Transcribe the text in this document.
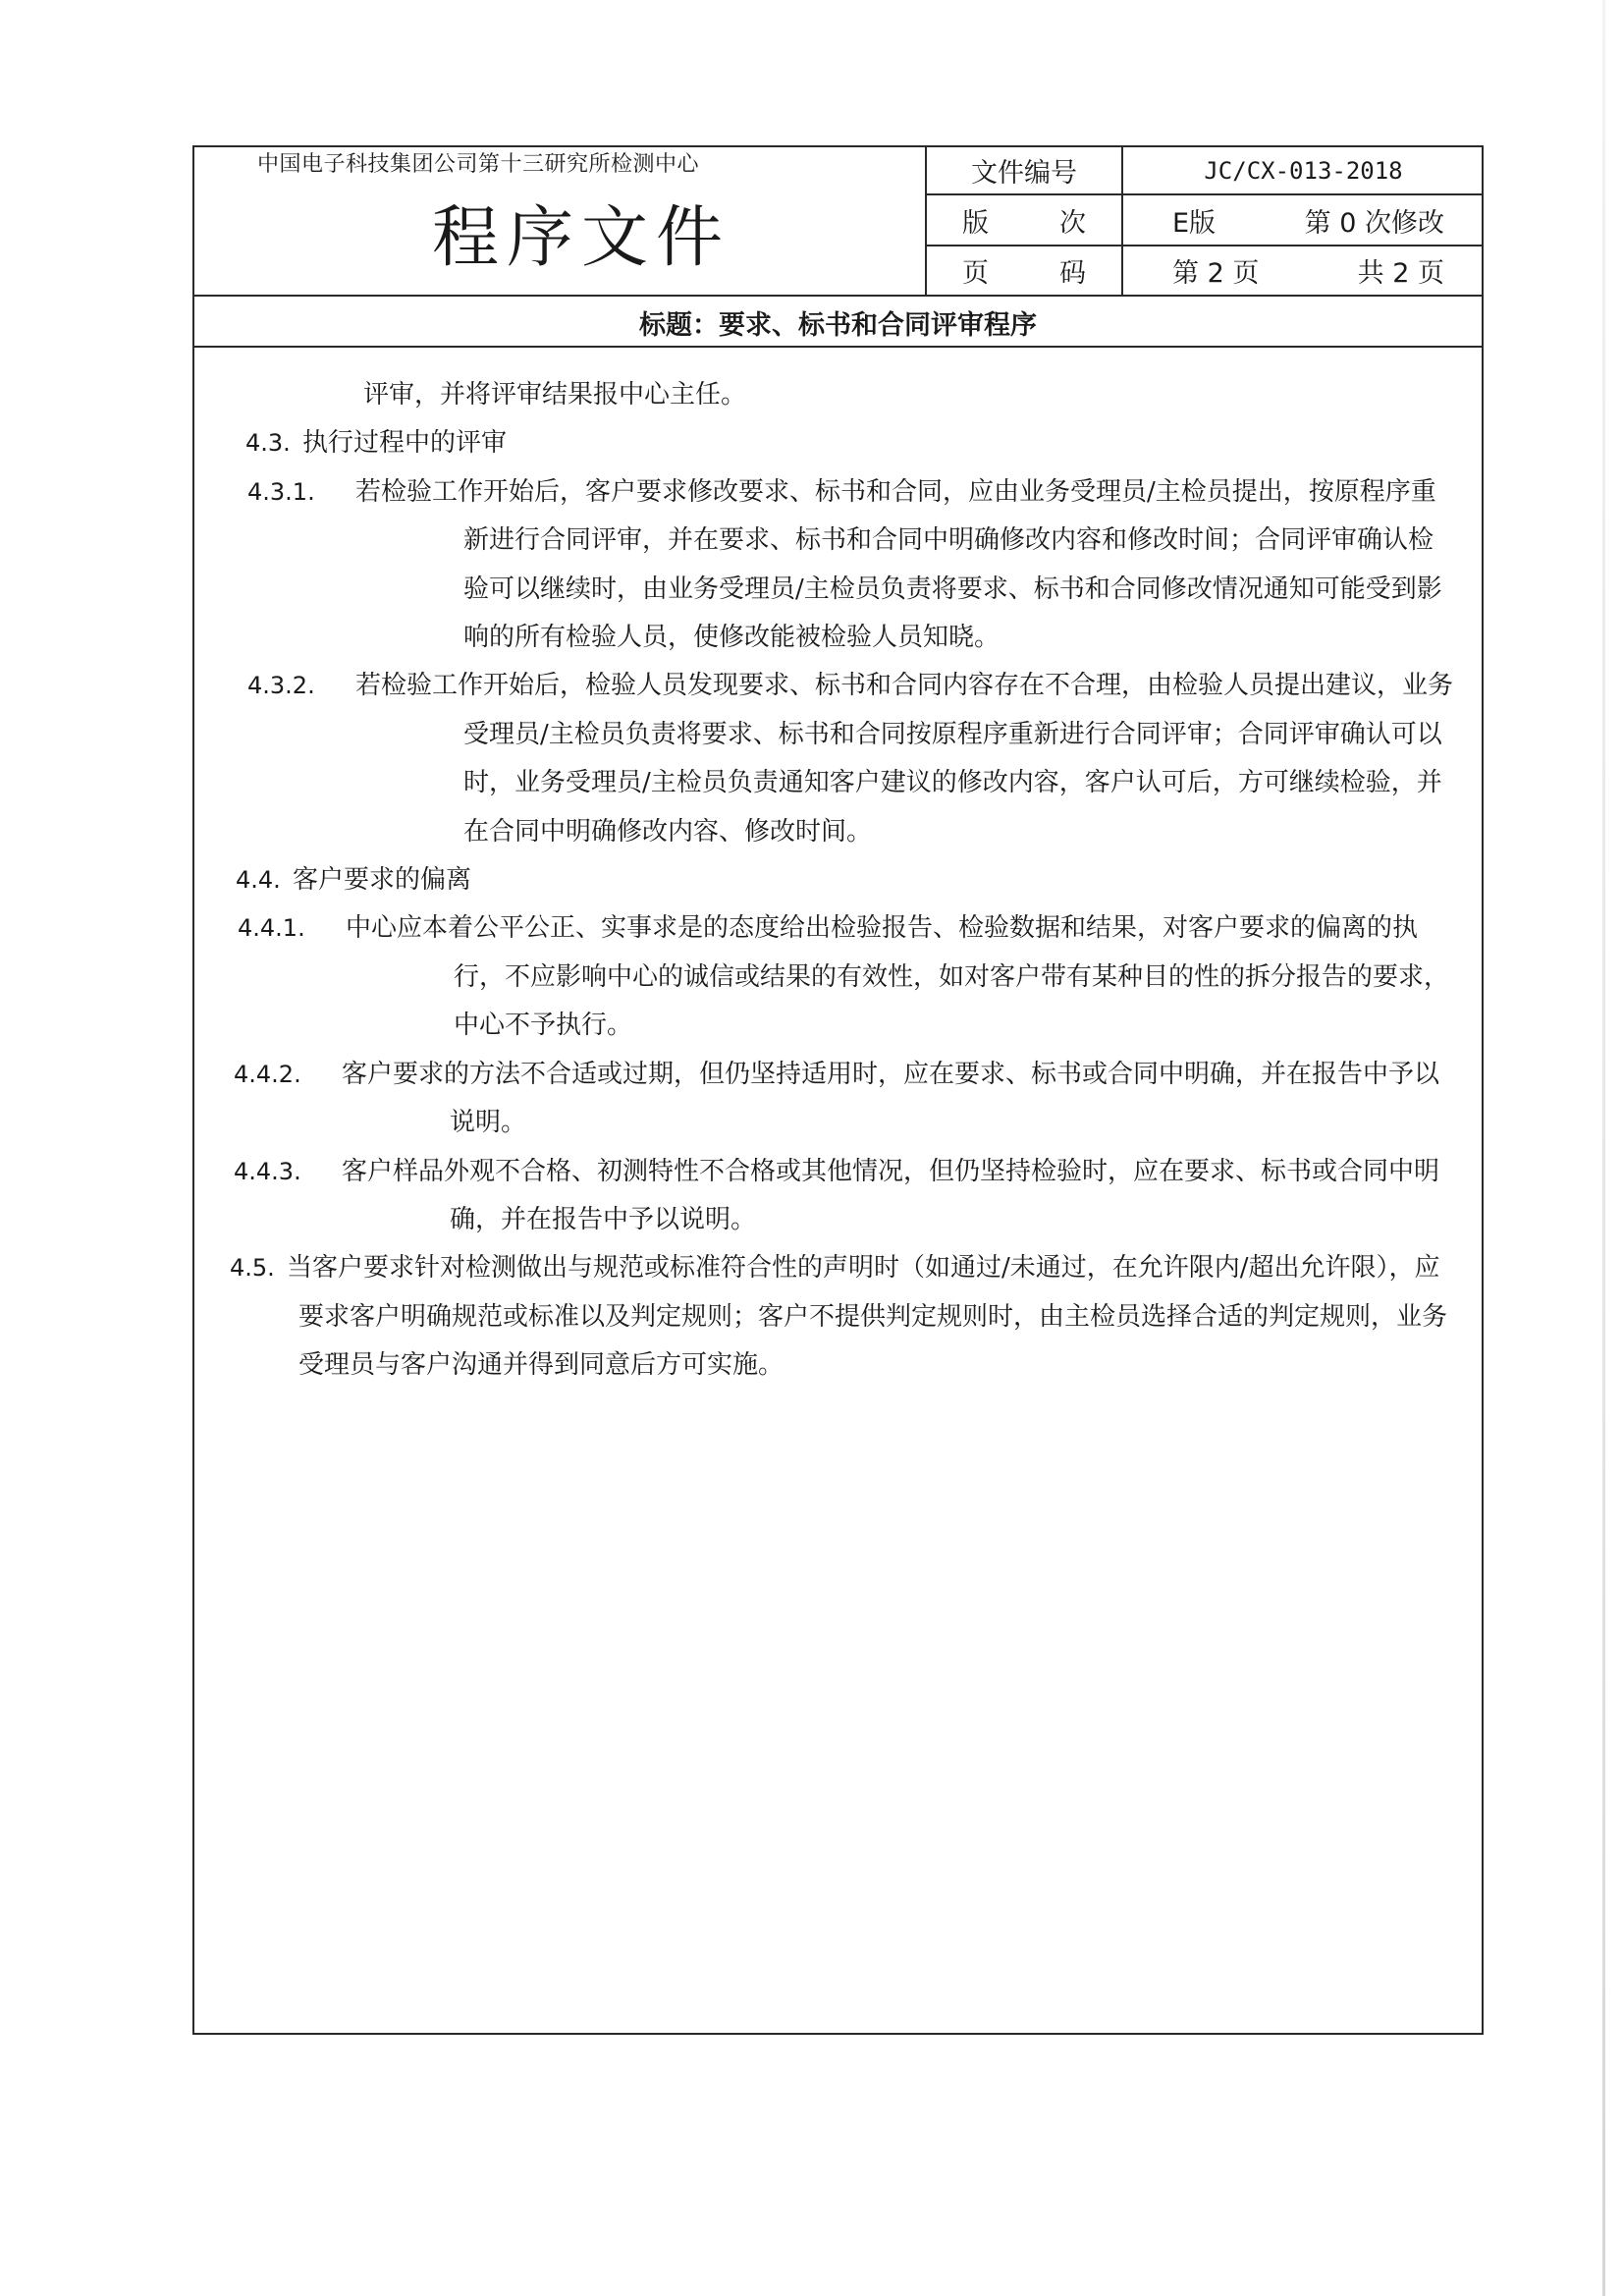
中国电子科技集团公司第十三研究所检测中心
程序文件
文件编号	JC/CX-013-2018
版	次	E版	第 0 次修改
页	码	第 2 页	共 2 页
标题：要求、标书和合同评审程序
评审，并将评审结果报中心主任。
4.3. 执行过程中的评审
4.3.1. 若检验工作开始后，客户要求修改要求、标书和合同，应由业务受理员/主检员提出，按原程序重新进行合同评审，并在要求、标书和合同中明确修改内容和修改时间；合同评审确认检验可以继续时，由业务受理员/主检员负责将要求、标书和合同修改情况通知可能受到影响的所有检验人员，使修改能被检验人员知晓。
4.3.2. 若检验工作开始后，检验人员发现要求、标书和合同内容存在不合理，由检验人员提出建议，业务受理员/主检员负责将要求、标书和合同按原程序重新进行合同评审；合同评审确认可以时，业务受理员/主检员负责通知客户建议的修改内容，客户认可后，方可继续检验，并在合同中明确修改内容、修改时间。
4.4. 客户要求的偏离
4.4.1. 中心应本着公平公正、实事求是的态度给出检验报告、检验数据和结果，对客户要求的偏离的执行，不应影响中心的诚信或结果的有效性，如对客户带有某种目的性的拆分报告的要求，中心不予执行。
4.4.2. 客户要求的方法不合适或过期，但仍坚持适用时，应在要求、标书或合同中明确，并在报告中予以说明。
4.4.3. 客户样品外观不合格、初测特性不合格或其他情况，但仍坚持检验时，应在要求、标书或合同中明确，并在报告中予以说明。
4.5. 当客户要求针对检测做出与规范或标准符合性的声明时（如通过/未通过，在允许限内/超出允许限），应要求客户明确规范或标准以及判定规则；客户不提供判定规则时，由主检员选择合适的判定规则，业务受理员与客户沟通并得到同意后方可实施。
